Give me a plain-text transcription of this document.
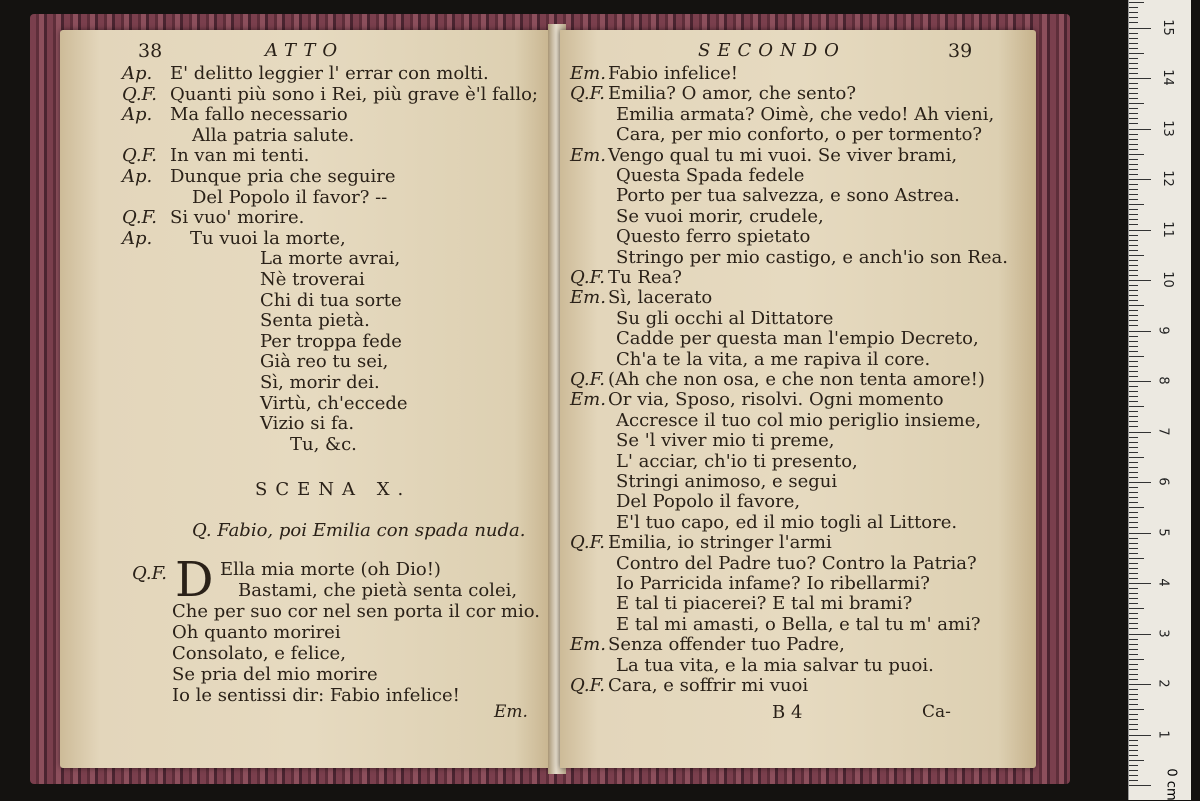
38	ATTO
Ap. E' delitto leggier l' errar con molti.
Q.F. Quanti più sono i Rei, più grave è'l fallo;
Ap. Ma fallo necessario
Alla patria salute.
Q.F. In van mi tenti.
Ap. Dunque pria che seguire
Del Popolo il favor? --
Q.F. Si vuo' morire.
Ap. Tu vuoi la morte,
La morte avrai,
Nè troverai
Chi di tua sorte
Senta pietà.
Per troppa fede
Già reo tu sei,
Sì, morir dei.
Virtù, ch'eccede
Vizio si fa.
Tu, &c.
SCENA X.
Q. Fabio, poi Emilia con spada nuda.
Q.F. D Ella mia morte (oh Dio!)
Bastami, che pietà senta colei,
Che per suo cor nel sen porta il cor mio.
Oh quanto morirei
Consolato, e felice,
Se pria del mio morire
Io le sentissi dir: Fabio infelice!
Em.
SECONDO	39
Em. Fabio infelice!
Q.F. Emilia? O amor, che sento?
Emilia armata? Oimè, che vedo! Ah vieni,
Cara, per mio conforto, o per tormento?
Em. Vengo qual tu mi vuoi. Se viver brami,
Questa Spada fedele
Porto per tua salvezza, e sono Astrea.
Se vuoi morir, crudele,
Questo ferro spietato
Stringo per mio castigo, e anch'io son Rea.
Q.F. Tu Rea?
Em. Sì, lacerato
Su gli occhi al Dittatore
Cadde per questa man l'empio Decreto,
Ch'a te la vita, a me rapiva il core.
Q.F. (Ah che non osa, e che non tenta amore!)
Em. Or via, Sposo, risolvi. Ogni momento
Accresce il tuo col mio periglio insieme,
Se 'l viver mio ti preme,
L' acciar, ch'io ti presento,
Stringi animoso, e segui
Del Popolo il favore,
E'l tuo capo, ed il mio togli al Littore.
Q.F. Emilia, io stringer l'armi
Contro del Padre tuo? Contro la Patria?
Io Parricida infame? Io ribellarmi?
E tal ti piacerei? E tal mi brami?
E tal mi amasti, o Bella, e tal tu m' ami?
Em. Senza offender tuo Padre,
La tua vita, e la mia salvar tu puoi.
Q.F. Cara, e soffrir mi vuoi
B 4	Ca-
1
2
3
4
5
6
7
8
9
10
11
12
13
14
15
0 cm
